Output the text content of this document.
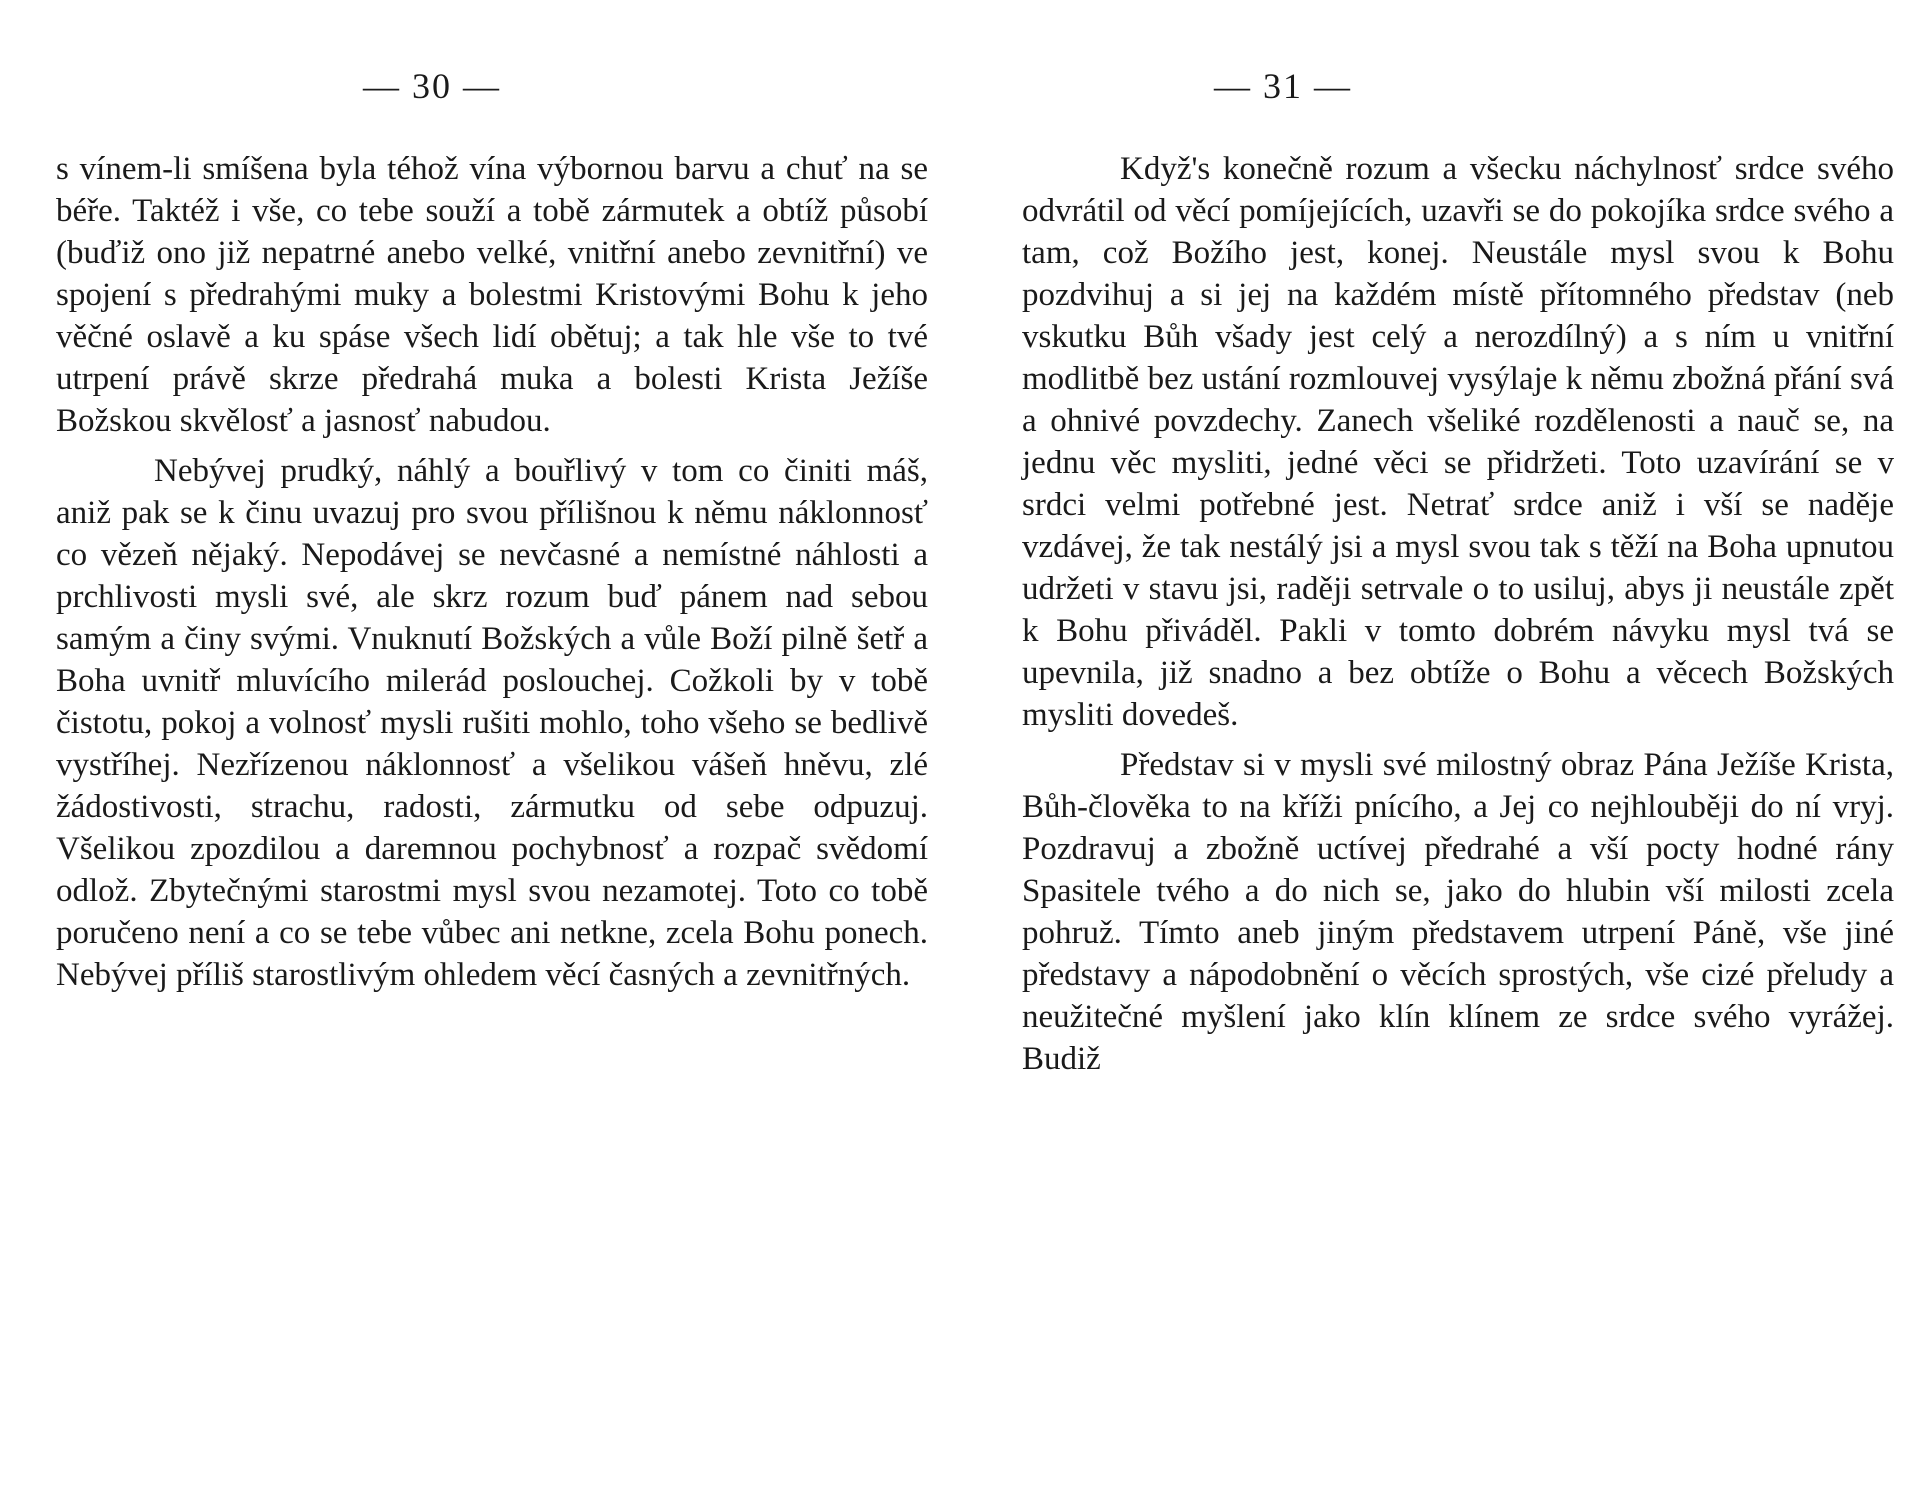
— 30 —

s vínem-li smíšena byla téhož vína výbornou barvu a chuť na se béře. Taktéž i vše, co tebe souží a tobě zármutek a obtíž působí (buďiž ono již nepatrné anebo velké, vnitřní anebo zevnitřní) ve spojení s předrahými muky a bolestmi Kristovými Bohu k jeho věčné oslavě a ku spáse všech lidí obětuj; a tak hle vše to tvé utrpení právě skrze předrahá muka a bolesti Krista Ježíše Božskou skvělosť a jasnosť nabudou.

Nebývej prudký, náhlý a bouřlivý v tom co činiti máš, aniž pak se k činu uvazuj pro svou přílišnou k němu náklonnosť co vězeň nějaký. Nepodávej se nevčasné a nemístné náhlosti a prchlivosti mysli své, ale skrz rozum buď pánem nad sebou samým a činy svými. Vnuknutí Božských a vůle Boží pilně šetř a Boha uvnitř mluvícího milerád poslouchej. Cožkoli by v tobě čistotu, pokoj a volnosť mysli rušiti mohlo, toho všeho se bedlivě vystříhej. Nezřízenou náklonnosť a všelikou vášeň hněvu, zlé žádostivosti, strachu, radosti, zármutku od sebe odpuzuj. Všelikou zpozdilou a daremnou pochybnosť a rozpač svědomí odlož. Zbytečnými starostmi mysl svou nezamotej. Toto co tobě poručeno není a co se tebe vůbec ani netkne, zcela Bohu ponech. Nebývej příliš starostlivým ohledem věcí časných a zevnitřných.

— 31 —

Když's konečně rozum a všecku náchylnosť srdce svého odvrátil od věcí pomíjejících, uzavři se do pokojíka srdce svého a tam, což Božího jest, konej. Neustále mysl svou k Bohu pozdvihuj a si jej na každém místě přítomného představ (neb vskutku Bůh všady jest celý a nerozdílný) a s ním u vnitřní modlitbě bez ustání rozmlouvej vysýlaje k němu zbožná přání svá a ohnivé povzdechy. Zanech všeliké rozdělenosti a nauč se, na jednu věc mysliti, jedné věci se přidržeti. Toto uzavírání se v srdci velmi potřebné jest. Netrať srdce aniž i vší se naděje vzdávej, že tak nestálý jsi a mysl svou tak s těží na Boha upnutou udržeti v stavu jsi, raději setrvale o to usiluj, abys ji neustále zpět k Bohu přiváděl. Pakli v tomto dobrém návyku mysl tvá se upevnila, již snadno a bez obtíže o Bohu a věcech Božských mysliti dovedeš.

Představ si v mysli své milostný obraz Pána Ježíše Krista, Bůh-člověka to na kříži pnícího, a Jej co nejhlouběji do ní vryj. Pozdravuj a zbožně uctívej předrahé a vší pocty hodné rány Spasitele tvého a do nich se, jako do hlubin vší milosti zcela pohruž. Tímto aneb jiným představem utrpení Páně, vše jiné představy a nápodobnění o věcích sprostých, vše cizé přeludy a neužitečné myšlení jako klín klínem ze srdce svého vyrážej. Budiž
